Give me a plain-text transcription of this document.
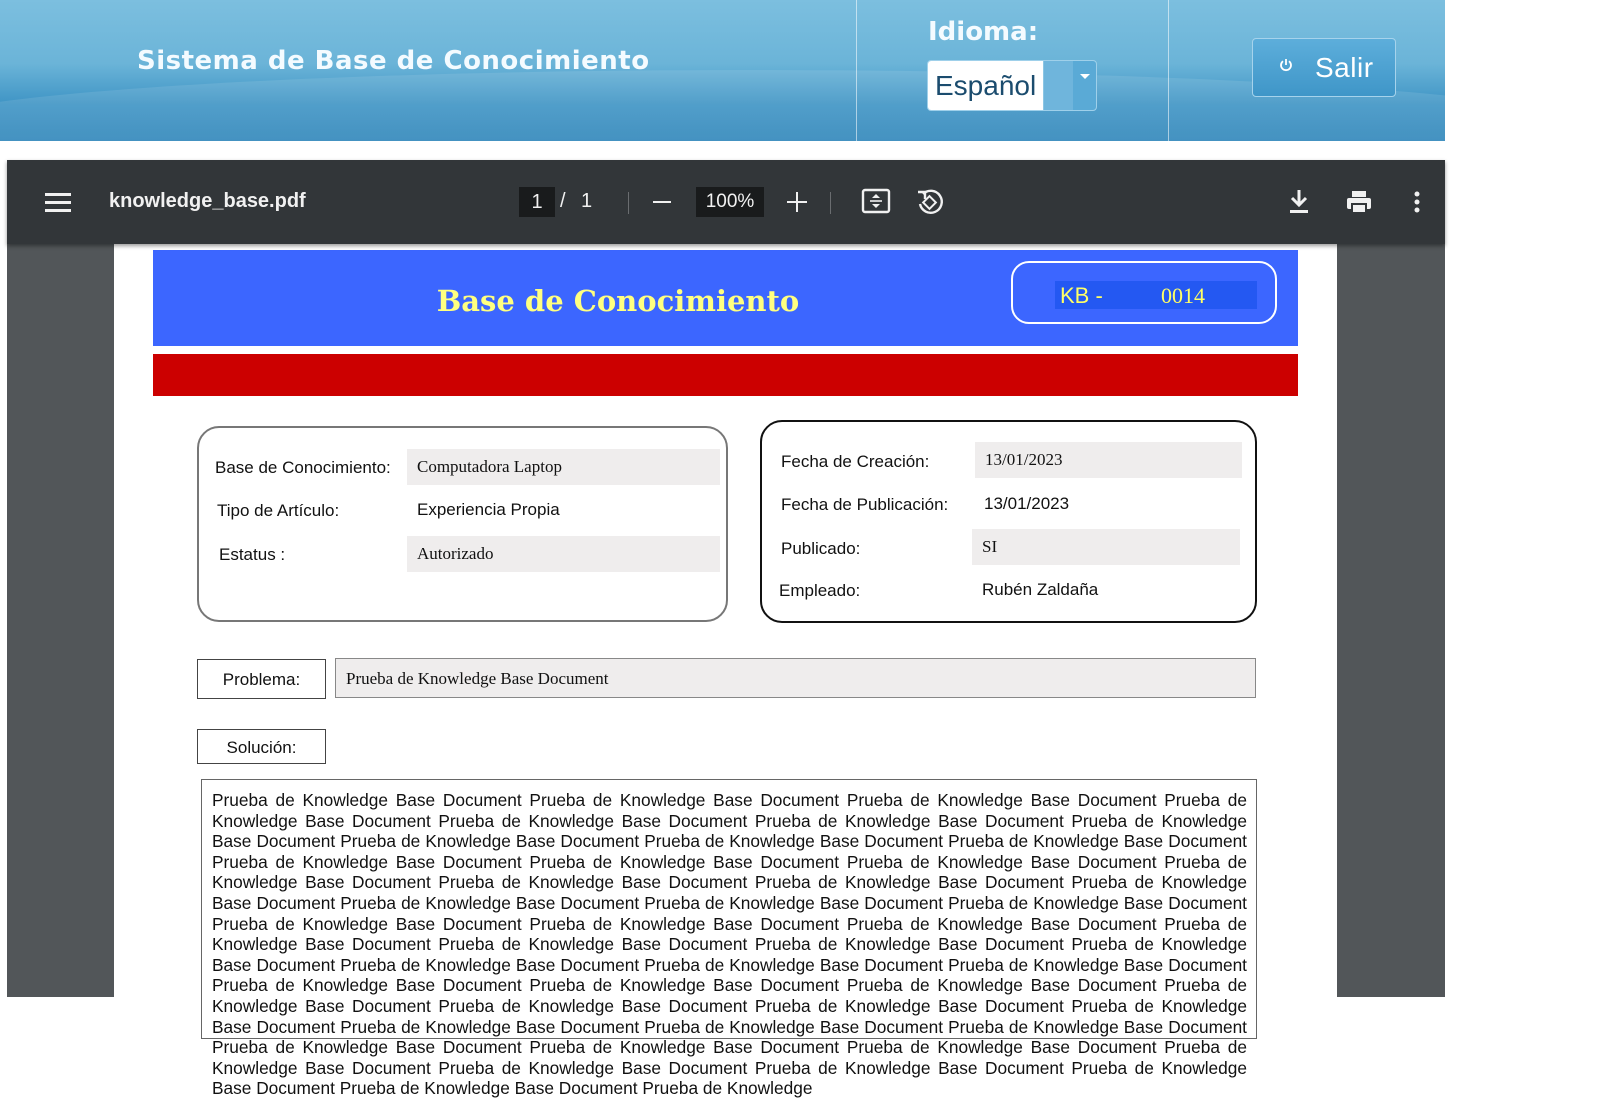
Sistema de Base de Conocimiento
Idioma:
Español
Salir
knowledge_base.pdf	1 / 1	100%
Base de Conocimiento	KB -	0014
Base de Conocimiento:	Computadora Laptop
Tipo de Artículo:	Experiencia Propia
Estatus :	Autorizado
Fecha de Creación:	13/01/2023
Fecha de Publicación:	13/01/2023
Publicado:	SI
Empleado:	Rubén Zaldaña
Problema:	Prueba de Knowledge Base Document
Solución:
Prueba de Knowledge Base Document Prueba de Knowledge Base Document Prueba de Knowledge Base Document Prueba de Knowledge Base Document Prueba de Knowledge Base Document Prueba de Knowledge Base Document Prueba de Knowledge Base Document Prueba de Knowledge Base Document Prueba de Knowledge Base Document Prueba de Knowledge Base Document Prueba de Knowledge Base Document Prueba de Knowledge Base Document Prueba de Knowledge Base Document Prueba de Knowledge Base Document Prueba de Knowledge Base Document Prueba de Knowledge Base Document Prueba de Knowledge Base Document Prueba de Knowledge Base Document Prueba de Knowledge Base Document Prueba de Knowledge Base Document Prueba de Knowledge Base Document Prueba de Knowledge Base Document Prueba de Knowledge Base Document Prueba de Knowledge Base Document Prueba de Knowledge Base Document Prueba de Knowledge Base Document Prueba de Knowledge Base Document Prueba de Knowledge Base Document Prueba de Knowledge Base Document Prueba de Knowledge Base Document Prueba de Knowledge Base Document Prueba de Knowledge Base Document Prueba de Knowledge Base Document Prueba de Knowledge Base Document Prueba de Knowledge Base Document Prueba de Knowledge Base Document Prueba de Knowledge Base Document Prueba de Knowledge Base Document Prueba de Knowledge Base Document Prueba de Knowledge Base Document Prueba de Knowledge Base Document Prueba de Knowledge Base Document Prueba de Knowledge Base Document Prueba de Knowledge Base Document Prueba de Knowledge Base Document Prueba de Knowledge Base Document Prueba de Knowledge Base Document Prueba de Knowledge Base Document Prueba de Knowledge
